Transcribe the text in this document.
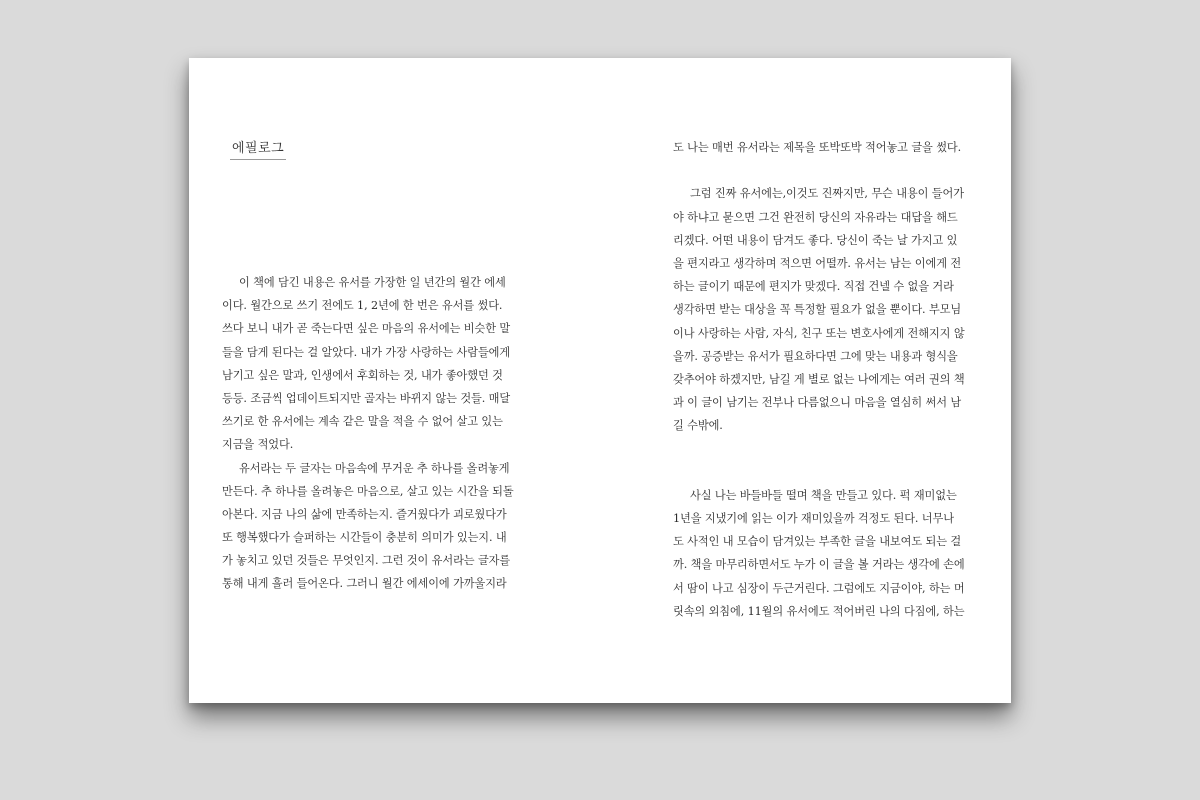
에필로그
이 책에 담긴 내용은 유서를 가장한 일 년간의 월간 에세
이다. 월간으로 쓰기 전에도 1, 2년에 한 번은 유서를 썼다.
쓰다 보니 내가 곧 죽는다면 싶은 마음의 유서에는 비슷한 말
들을 담게 된다는 걸 알았다. 내가 가장 사랑하는 사람들에게
남기고 싶은 말과, 인생에서 후회하는 것, 내가 좋아했던 것
등등. 조금씩 업데이트되지만 골자는 바뀌지 않는 것들. 매달
쓰기로 한 유서에는 계속 같은 말을 적을 수 없어 살고 있는
지금을 적었다.
유서라는 두 글자는 마음속에 무거운 추 하나를 올려놓게
만든다. 추 하나를 올려놓은 마음으로, 살고 있는 시간을 되돌
아본다. 지금 나의 삶에 만족하는지. 즐거웠다가 괴로웠다가
또 행복했다가 슬퍼하는 시간들이 충분히 의미가 있는지. 내
가 놓치고 있던 것들은 무엇인지. 그런 것이 유서라는 글자를
통해 내게 흘러 들어온다. 그러니 월간 에세이에 가까울지라
도 나는 매번 유서라는 제목을 또박또박 적어놓고 글을 썼다.
그럼 진짜 유서에는,이것도 진짜지만, 무슨 내용이 들어가
야 하냐고 묻으면 그건 완전히 당신의 자유라는 대답을 해드
리겠다. 어떤 내용이 담겨도 좋다. 당신이 죽는 날 가지고 있
을 편지라고 생각하며 적으면 어떨까. 유서는 남는 이에게 전
하는 글이기 때문에 편지가 맞겠다. 직접 건넬 수 없을 거라
생각하면 받는 대상을 꼭 특정할 필요가 없을 뿐이다. 부모님
이나 사랑하는 사람, 자식, 친구 또는 변호사에게 전해지지 않
을까. 공증받는 유서가 필요하다면 그에 맞는 내용과 형식을
갖추어야 하겠지만, 남길 게 별로 없는 나에게는 여러 권의 책
과 이 글이 남기는 전부나 다름없으니 마음을 열심히 써서 남
길 수밖에.
사실 나는 바들바들 떨며 책을 만들고 있다. 퍽 재미없는
1년을 지냈기에 읽는 이가 재미있을까 걱정도 된다. 너무나
도 사적인 내 모습이 담겨있는 부족한 글을 내보여도 되는 걸
까. 책을 마무리하면서도 누가 이 글을 볼 거라는 생각에 손에
서 땀이 나고 심장이 두근거린다. 그럼에도 지금이야, 하는 머
릿속의 외침에, 11월의 유서에도 적어버린 나의 다짐에, 하는
